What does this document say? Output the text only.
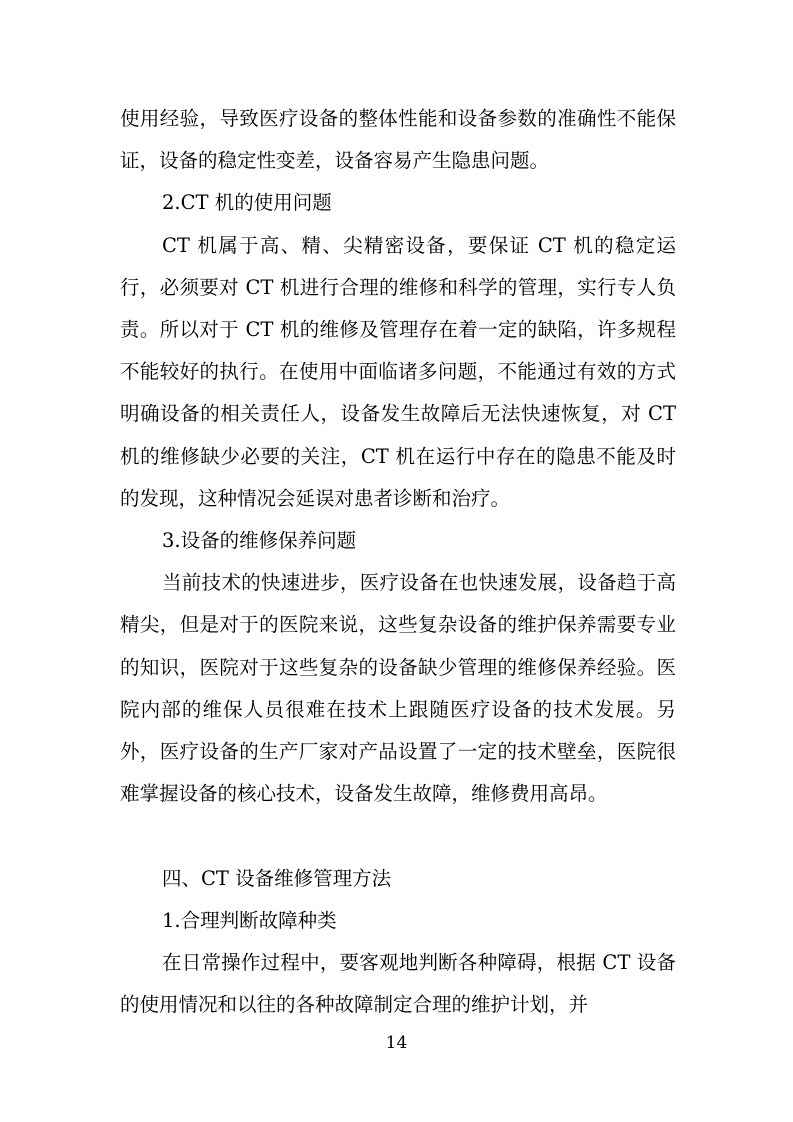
使用经验，导致医疗设备的整体性能和设备参数的准确性不能保证，设备的稳定性变差，设备容易产生隐患问题。

2.CT 机的使用问题

CT 机属于高、精、尖精密设备，要保证 CT 机的稳定运行，必须要对 CT 机进行合理的维修和科学的管理，实行专人负责。所以对于 CT 机的维修及管理存在着一定的缺陷，许多规程不能较好的执行。在使用中面临诸多问题，不能通过有效的方式明确设备的相关责任人，设备发生故障后无法快速恢复，对 CT 机的维修缺少必要的关注，CT 机在运行中存在的隐患不能及时的发现，这种情况会延误对患者诊断和治疗。

3.设备的维修保养问题

当前技术的快速进步，医疗设备在也快速发展，设备趋于高精尖，但是对于的医院来说，这些复杂设备的维护保养需要专业的知识，医院对于这些复杂的设备缺少管理的维修保养经验。医院内部的维保人员很难在技术上跟随医疗设备的技术发展。另外，医疗设备的生产厂家对产品设置了一定的技术壁垒，医院很难掌握设备的核心技术，设备发生故障，维修费用高昂。

四、CT 设备维修管理方法

1.合理判断故障种类

在日常操作过程中，要客观地判断各种障碍，根据 CT 设备的使用情况和以往的各种故障制定合理的维护计划，并

14
